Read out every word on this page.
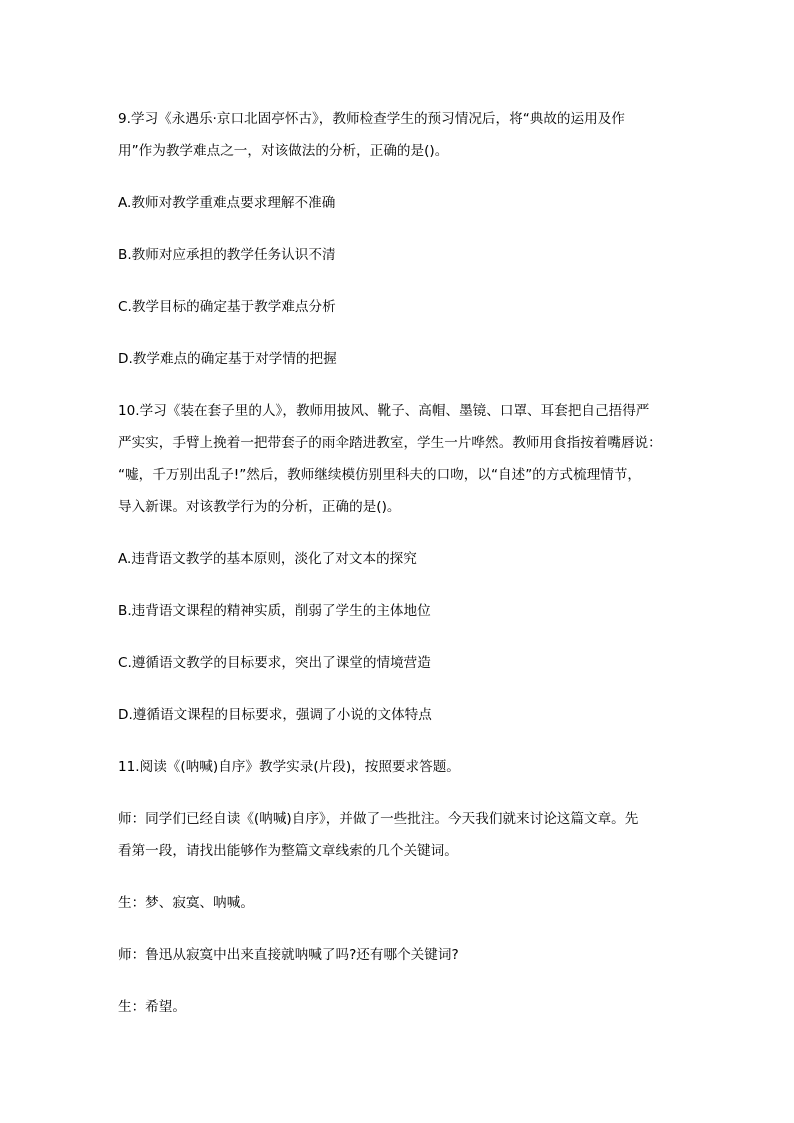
9.学习《永遇乐·京口北固亭怀古》，教师检查学生的预习情况后，将“典故的运用及作
用”作为教学难点之一，对该做法的分析，正确的是()。

A.教师对教学重难点要求理解不准确

B.教师对应承担的教学任务认识不清

C.教学目标的确定基于教学难点分析

D.教学难点的确定基于对学情的把握

10.学习《装在套子里的人》，教师用披风、靴子、高帽、墨镜、口罩、耳套把自己捂得严
严实实，手臂上挽着一把带套子的雨伞踏进教室，学生一片哗然。教师用食指按着嘴唇说：
“嘘，千万别出乱子!”然后，教师继续模仿别里科夫的口吻，以“自述”的方式梳理情节，
导入新课。对该教学行为的分析，正确的是()。

A.违背语文教学的基本原则，淡化了对文本的探究

B.违背语文课程的精神实质，削弱了学生的主体地位

C.遵循语文教学的目标要求，突出了课堂的情境营造

D.遵循语文课程的目标要求，强调了小说的文体特点

11.阅读《(呐喊)自序》教学实录(片段)，按照要求答题。

师：同学们已经自读《(呐喊)自序》，并做了一些批注。今天我们就来讨论这篇文章。先
看第一段，请找出能够作为整篇文章线索的几个关键词。

生：梦、寂寞、呐喊。

师：鲁迅从寂寞中出来直接就呐喊了吗?还有哪个关键词?

生：希望。
